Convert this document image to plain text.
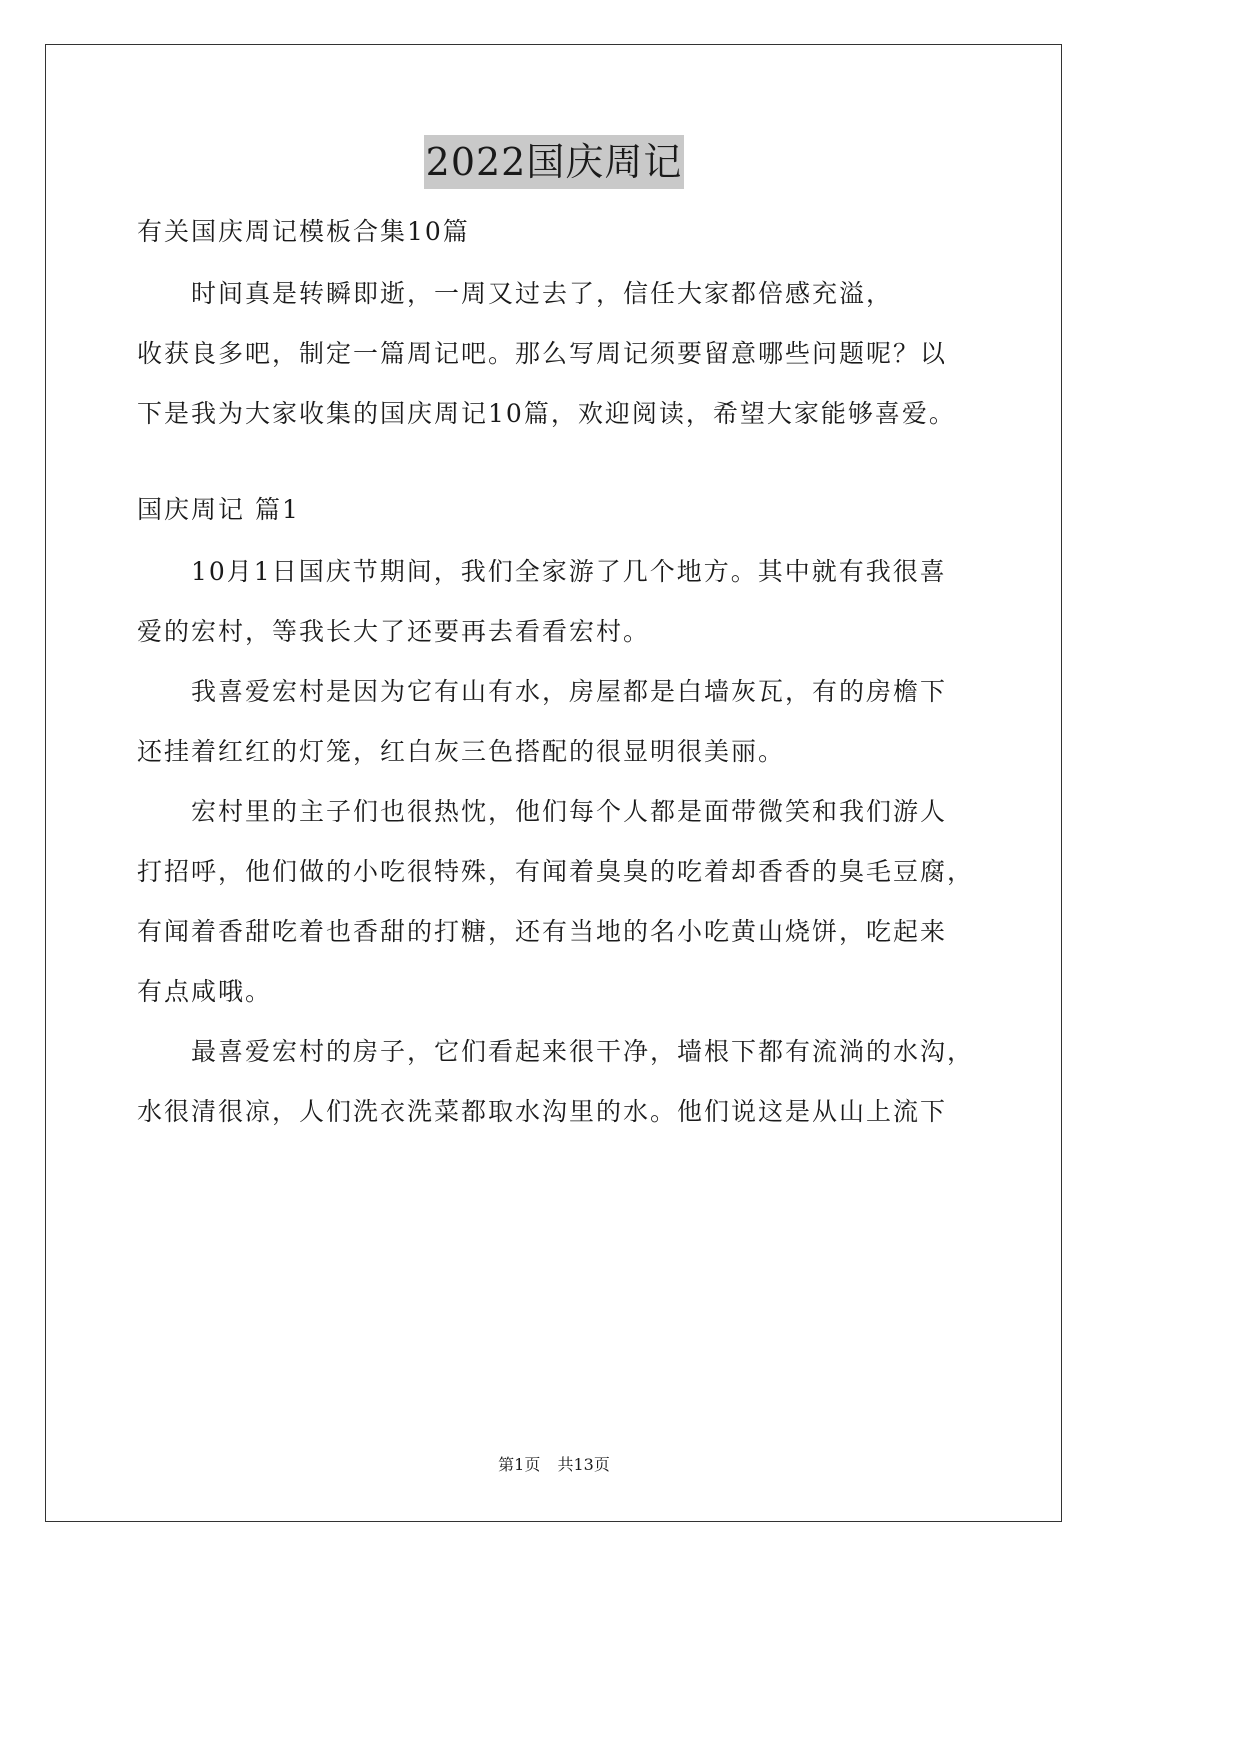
2022国庆周记
有关国庆周记模板合集10篇
　　时间真是转瞬即逝，一周又过去了，信任大家都倍感充溢，
收获良多吧，制定一篇周记吧。那么写周记须要留意哪些问题呢？以
下是我为大家收集的国庆周记10篇，欢迎阅读，希望大家能够喜爱。
国庆周记 篇1
　　10月1日国庆节期间，我们全家游了几个地方。其中就有我很喜
爱的宏村，等我长大了还要再去看看宏村。
　　我喜爱宏村是因为它有山有水，房屋都是白墙灰瓦，有的房檐下
还挂着红红的灯笼，红白灰三色搭配的很显明很美丽。
　　宏村里的主子们也很热忱，他们每个人都是面带微笑和我们游人
打招呼，他们做的小吃很特殊，有闻着臭臭的吃着却香香的臭毛豆腐，
有闻着香甜吃着也香甜的打糖，还有当地的名小吃黄山烧饼，吃起来
有点咸哦。
　　最喜爱宏村的房子，它们看起来很干净，墙根下都有流淌的水沟，
水很清很凉，人们洗衣洗菜都取水沟里的水。他们说这是从山上流下
第1页 共13页
